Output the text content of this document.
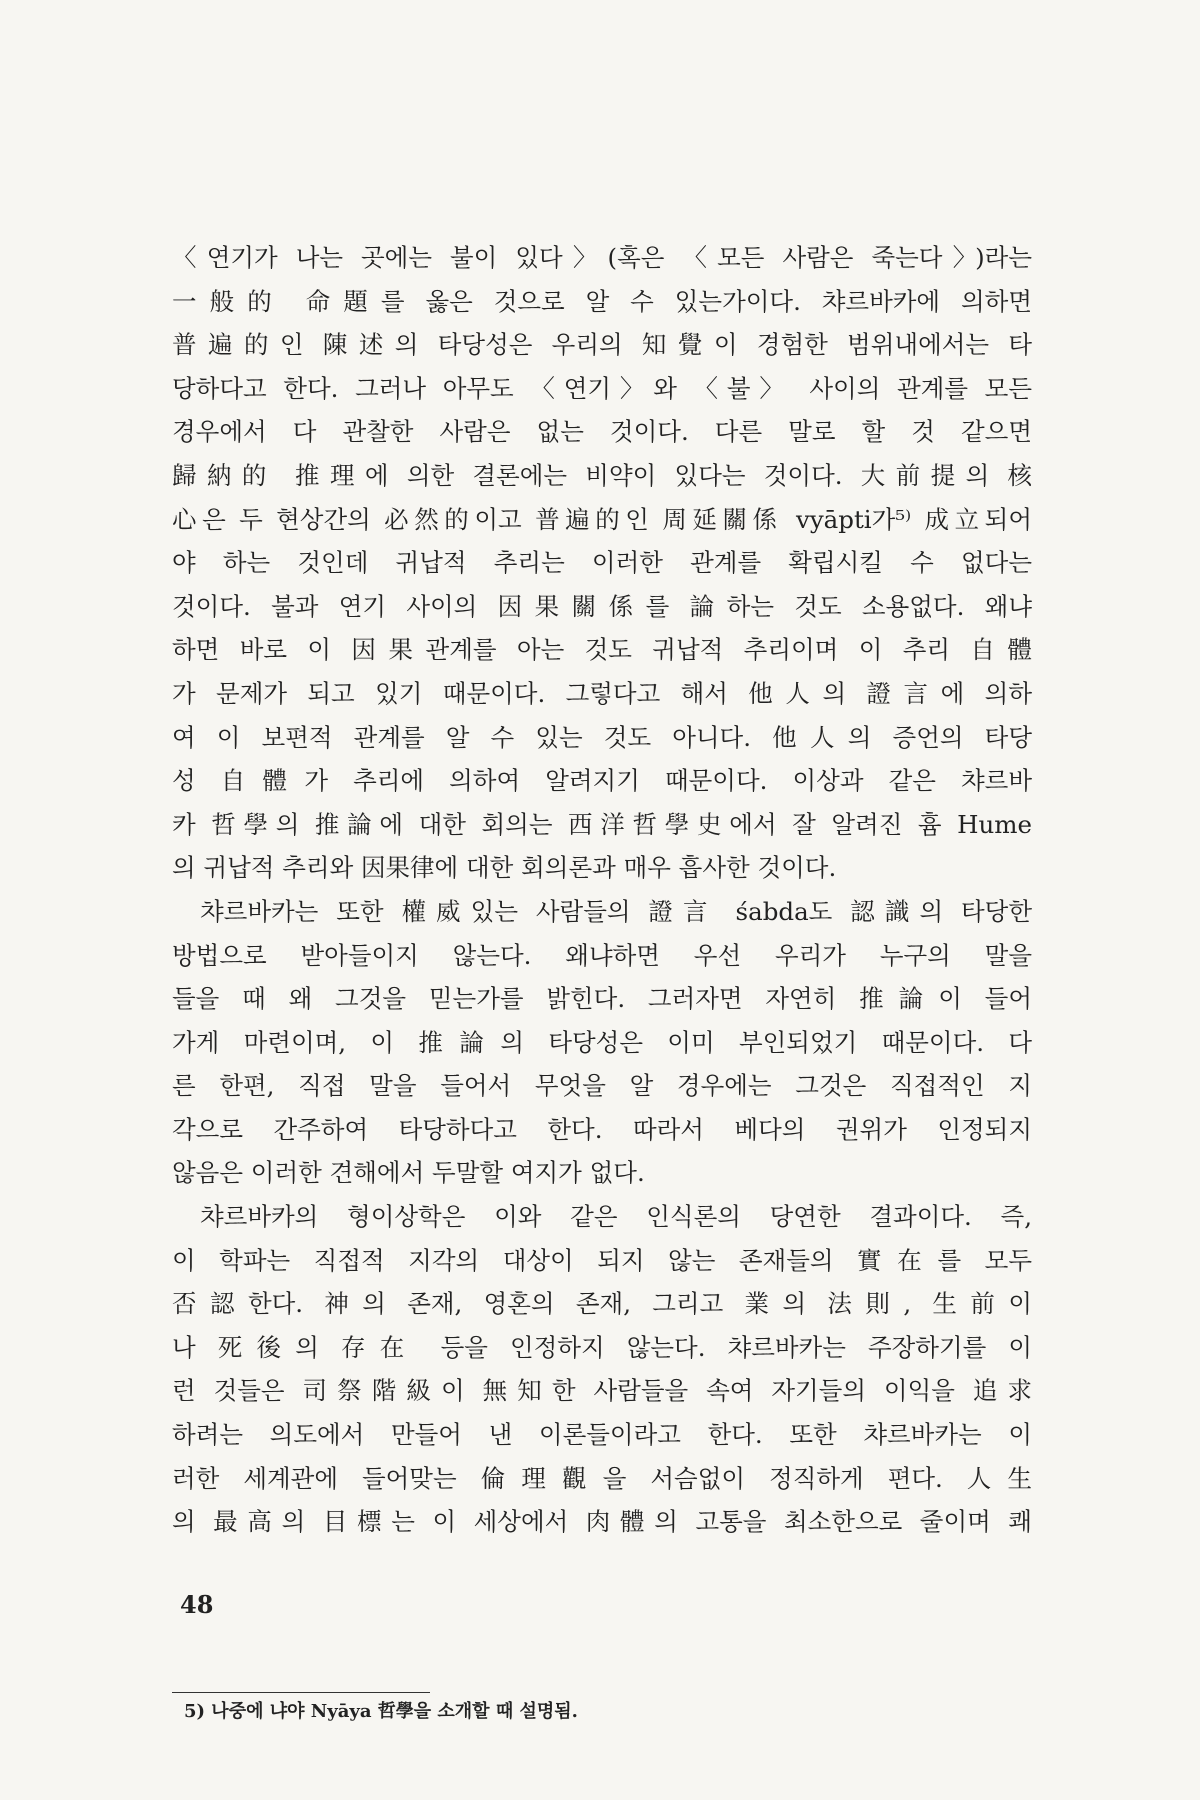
〈연기가 나는 곳에는 불이 있다〉(혹은 〈모든 사람은 죽는다〉)라는
一般的 命題를 옳은 것으로 알 수 있는가이다. 챠르바카에 의하면
普遍的인 陳述의 타당성은 우리의 知覺이 경험한 범위내에서는 타
당하다고 한다. 그러나 아무도 〈연기〉와 〈불〉 사이의 관계를 모든
경우에서 다 관찰한 사람은 없는 것이다. 다른 말로 할 것 같으면
歸納的 推理에 의한 결론에는 비약이 있다는 것이다. 大前提의 核
心은 두 현상간의 必然的이고 普遍的인 周延關係 vyāpti가⁵⁾ 成立되어
야 하는 것인데 귀납적 추리는 이러한 관계를 확립시킬 수 없다는
것이다. 불과 연기 사이의 因果關係를 論하는 것도 소용없다. 왜냐
하면 바로 이 因果관계를 아는 것도 귀납적 추리이며 이 추리 自體
가 문제가 되고 있기 때문이다. 그렇다고 해서 他人의 證言에 의하
여 이 보편적 관계를 알 수 있는 것도 아니다. 他人의 증언의 타당
성 自體가 추리에 의하여 알려지기 때문이다. 이상과 같은 챠르바
카 哲學의 推論에 대한 회의는 西洋哲學史에서 잘 알려진 흄 Hume
의 귀납적 추리와 因果律에 대한 회의론과 매우 흡사한 것이다.
챠르바카는 또한 權威있는 사람들의 證言 śabda도 認識의 타당한
방법으로 받아들이지 않는다. 왜냐하면 우선 우리가 누구의 말을
들을 때 왜 그것을 믿는가를 밝힌다. 그러자면 자연히 推論이 들어
가게 마련이며, 이 推論의 타당성은 이미 부인되었기 때문이다. 다
른 한편, 직접 말을 들어서 무엇을 알 경우에는 그것은 직접적인 지
각으로 간주하여 타당하다고 한다. 따라서 베다의 권위가 인정되지
않음은 이러한 견해에서 두말할 여지가 없다.
챠르바카의 형이상학은 이와 같은 인식론의 당연한 결과이다. 즉,
이 학파는 직접적 지각의 대상이 되지 않는 존재들의 實在를 모두
否認한다. 神의 존재, 영혼의 존재, 그리고 業의 法則, 生前이
나 死後의 存在 등을 인정하지 않는다. 챠르바카는 주장하기를 이
런 것들은 司祭階級이 無知한 사람들을 속여 자기들의 이익을 追求
하려는 의도에서 만들어 낸 이론들이라고 한다. 또한 챠르바카는 이
러한 세계관에 들어맞는 倫理觀을 서슴없이 정직하게 편다. 人生
의 最高의 目標는 이 세상에서 肉體의 고통을 최소한으로 줄이며 쾌
5) 나중에 냐야 Nyāya 哲學을 소개할 때 설명됨.
48
